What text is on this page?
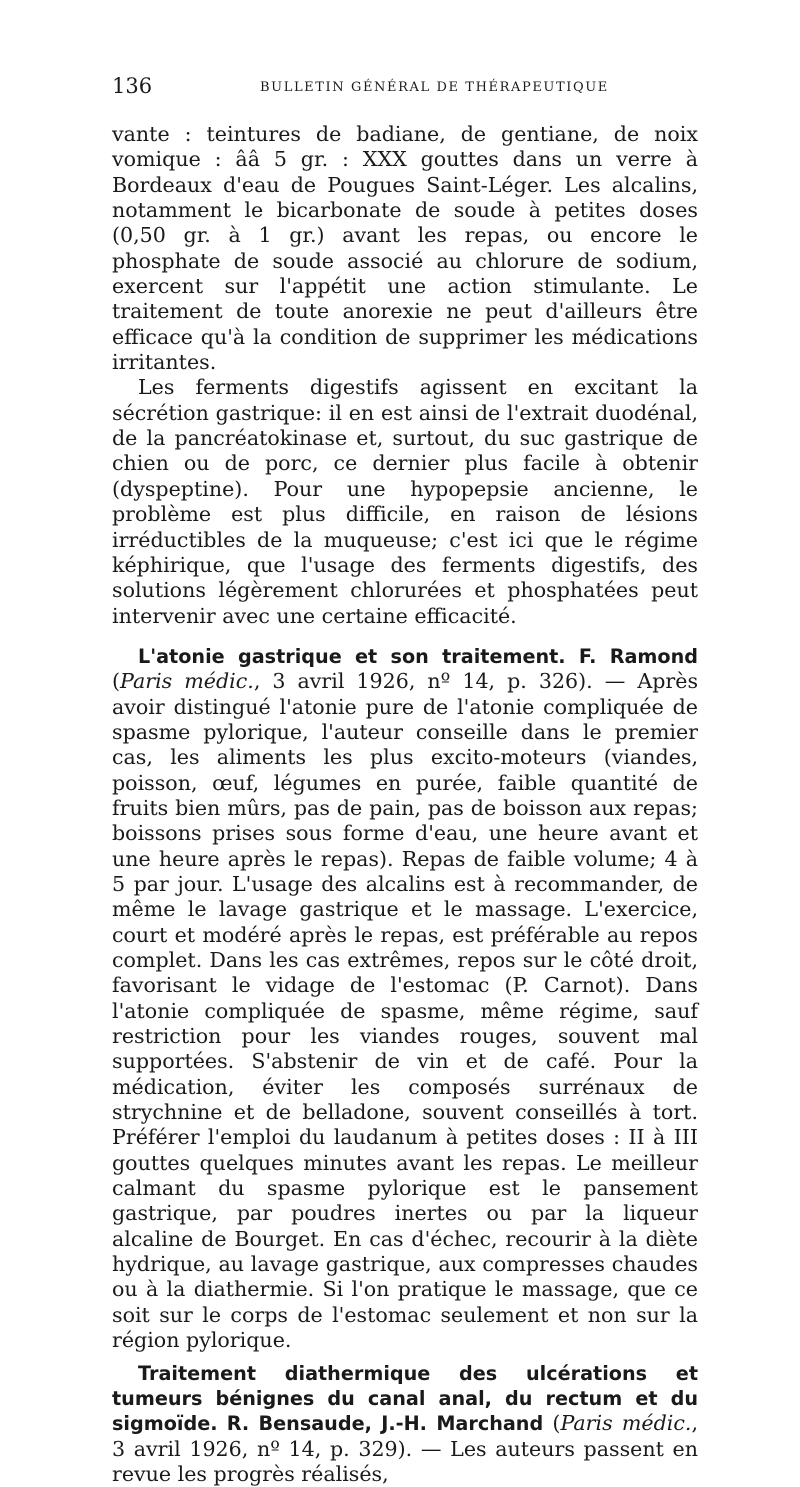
136	BULLETIN GÉNÉRAL DE THÉRAPEUTIQUE

vante : teintures de badiane, de gentiane, de noix vomique : ââ 5 gr. : XXX gouttes dans un verre à Bordeaux d'eau de Pougues Saint-Léger. Les alcalins, notamment le bicarbonate de soude à petites doses (0,50 gr. à 1 gr.) avant les repas, ou encore le phosphate de soude associé au chlorure de sodium, exercent sur l'appétit une action stimulante. Le traitement de toute anorexie ne peut d'ailleurs être efficace qu'à la condition de supprimer les médications irritantes.

Les ferments digestifs agissent en excitant la sécrétion gastrique: il en est ainsi de l'extrait duodénal, de la pancréatokinase et, surtout, du suc gastrique de chien ou de porc, ce dernier plus facile à obtenir (dyspeptine). Pour une hypopepsie ancienne, le problème est plus difficile, en raison de lésions irréductibles de la muqueuse; c'est ici que le régime képhirique, que l'usage des ferments digestifs, des solutions légèrement chlorurées et phosphatées peut intervenir avec une certaine efficacité.

L'atonie gastrique et son traitement. F. Ramond (Paris médic., 3 avril 1926, nº 14, p. 326). — Après avoir distingué l'atonie pure de l'atonie compliquée de spasme pylorique, l'auteur conseille dans le premier cas, les aliments les plus excito-moteurs (viandes, poisson, œuf, légumes en purée, faible quantité de fruits bien mûrs, pas de pain, pas de boisson aux repas; boissons prises sous forme d'eau, une heure avant et une heure après le repas). Repas de faible volume; 4 à 5 par jour. L'usage des alcalins est à recommander, de même le lavage gastrique et le massage. L'exercice, court et modéré après le repas, est préférable au repos complet. Dans les cas extrêmes, repos sur le côté droit, favorisant le vidage de l'estomac (P. Carnot). Dans l'atonie compliquée de spasme, même régime, sauf restriction pour les viandes rouges, souvent mal supportées. S'abstenir de vin et de café. Pour la médication, éviter les composés surrénaux de strychnine et de belladone, souvent conseillés à tort. Préférer l'emploi du laudanum à petites doses : II à III gouttes quelques minutes avant les repas. Le meilleur calmant du spasme pylorique est le pansement gastrique, par poudres inertes ou par la liqueur alcaline de Bourget. En cas d'échec, recourir à la diète hydrique, au lavage gastrique, aux compresses chaudes ou à la diathermie. Si l'on pratique le massage, que ce soit sur le corps de l'estomac seulement et non sur la région pylorique.

Traitement diathermique des ulcérations et tumeurs bénignes du canal anal, du rectum et du sigmoïde. R. Bensaude, J.-H. Marchand (Paris médic., 3 avril 1926, nº 14, p. 329). — Les auteurs passent en revue les progrès réalisés,
